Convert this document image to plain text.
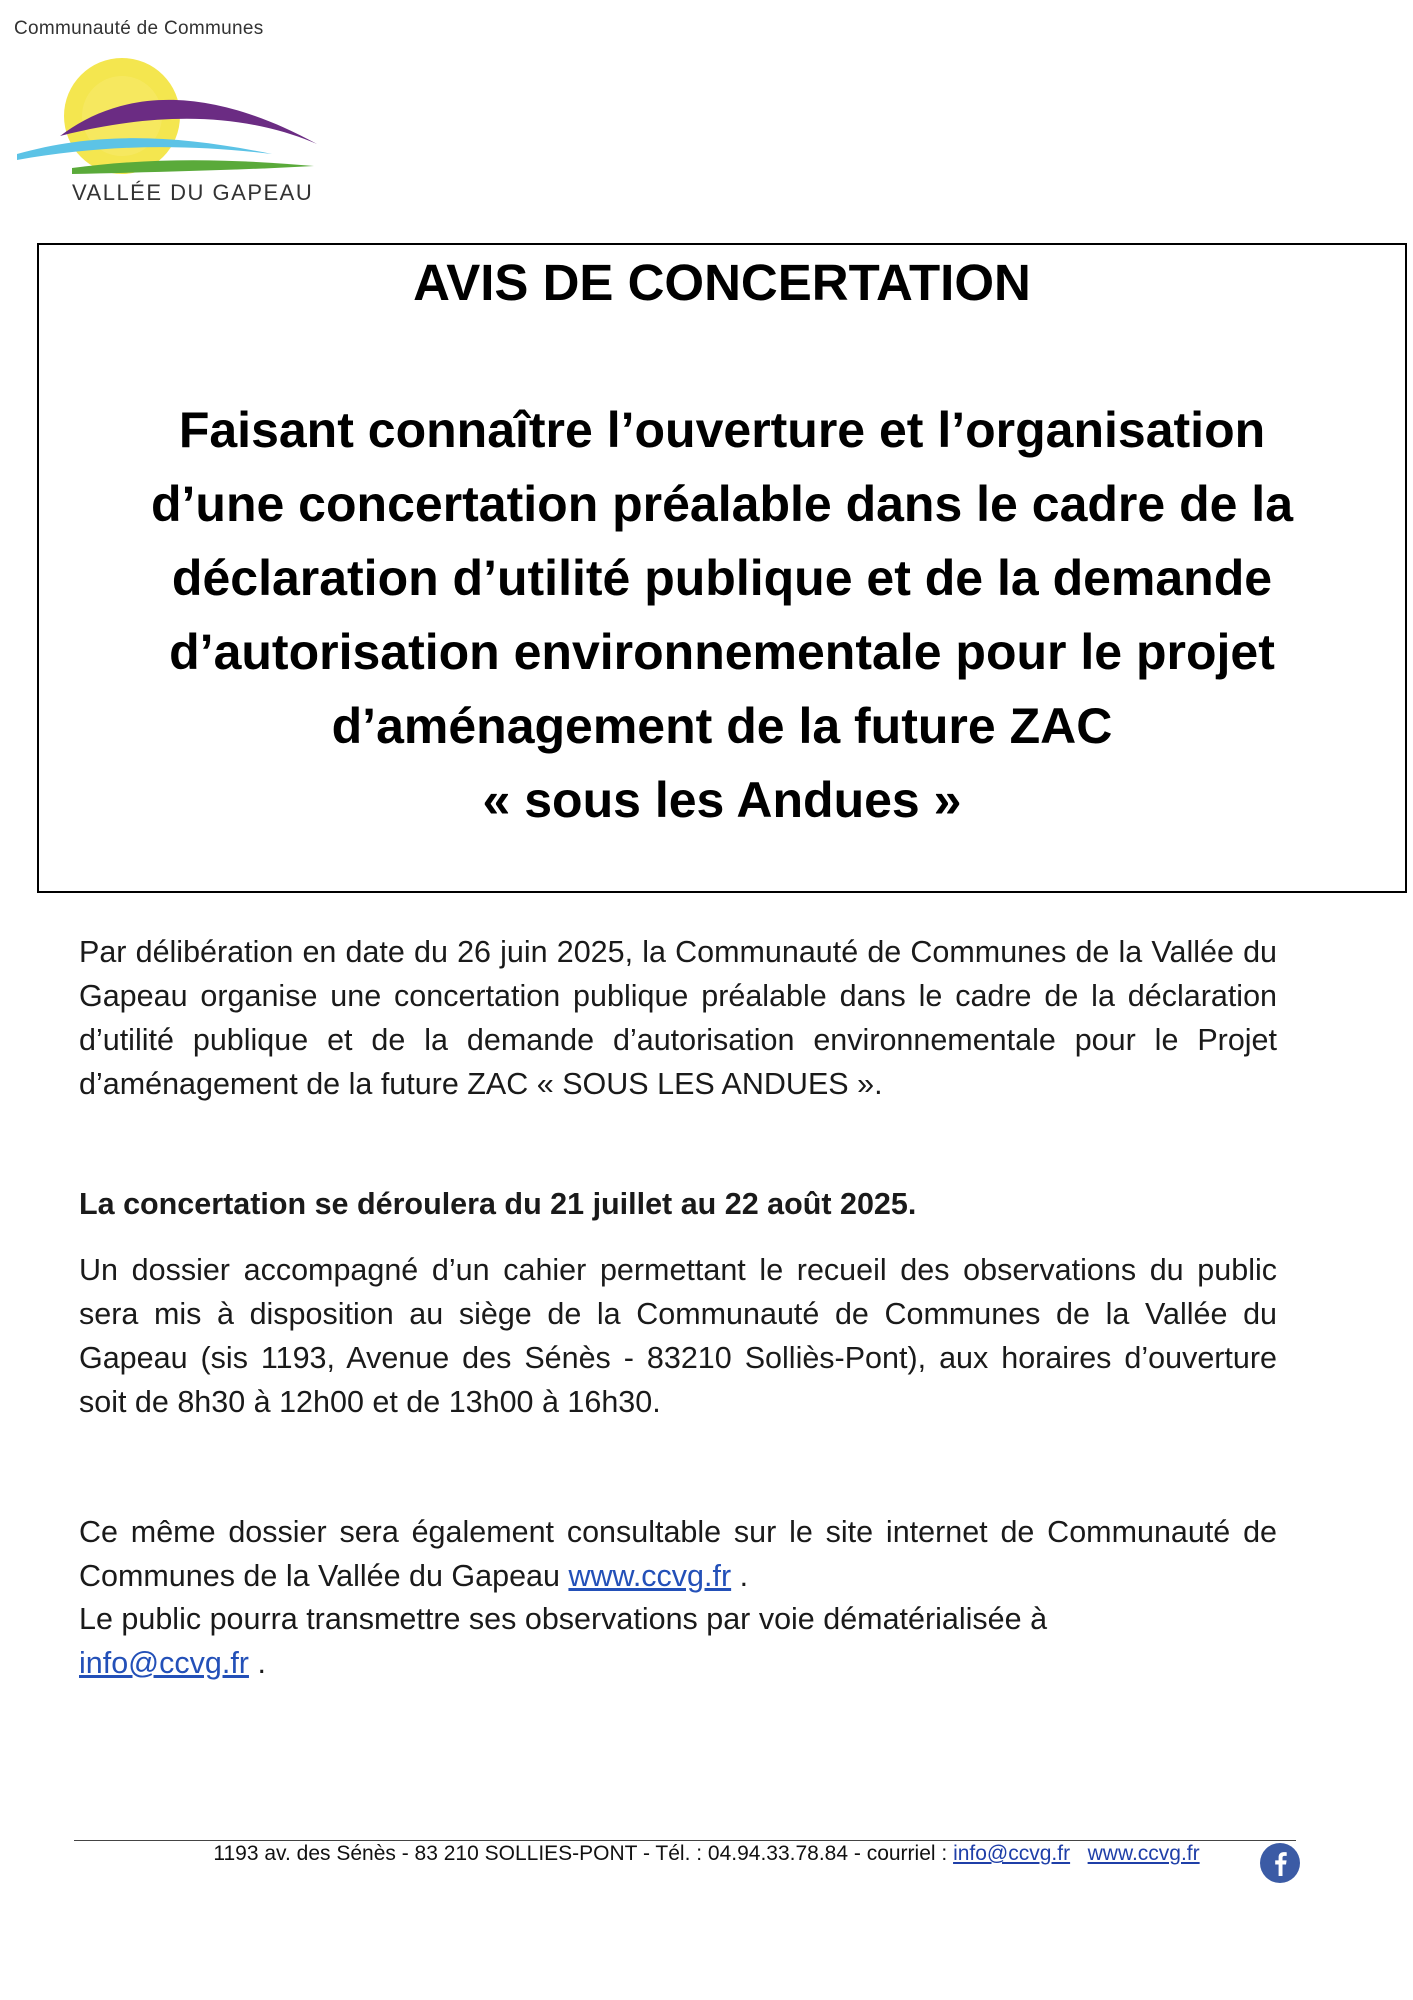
Communauté de Communes
VALLÉE DU GAPEAU
AVIS DE CONCERTATION
Faisant connaître l’ouverture et l’organisation
d’une concertation préalable dans le cadre de la
déclaration d’utilité publique et de la demande
d’autorisation environnementale pour le projet
d’aménagement de la future ZAC
« sous les Andues »
Par délibération en date du 26 juin 2025, la Communauté de Communes de la Vallée du Gapeau organise une concertation publique préalable dans le cadre de la déclaration d’utilité publique et de la demande d’autorisation environnementale pour le Projet d’aménagement de la future ZAC « SOUS LES ANDUES ».
La concertation se déroulera du 21 juillet au 22 août 2025.
Un dossier accompagné d’un cahier permettant le recueil des observations du public sera mis à disposition au siège de la Communauté de Communes de la Vallée du Gapeau (sis 1193, Avenue des Sénès - 83210 Solliès-Pont), aux horaires d’ouverture soit de 8h30 à 12h00 et de 13h00 à 16h30.
Ce même dossier sera également consultable sur le site internet de Communauté de Communes de la Vallée du Gapeau www.ccvg.fr .
Le public pourra transmettre ses observations par voie dématérialisée à
info@ccvg.fr .
1193 av. des Sénès - 83 210 SOLLIES-PONT - Tél. : 04.94.33.78.84 - courriel : info@ccvg.fr www.ccvg.fr
